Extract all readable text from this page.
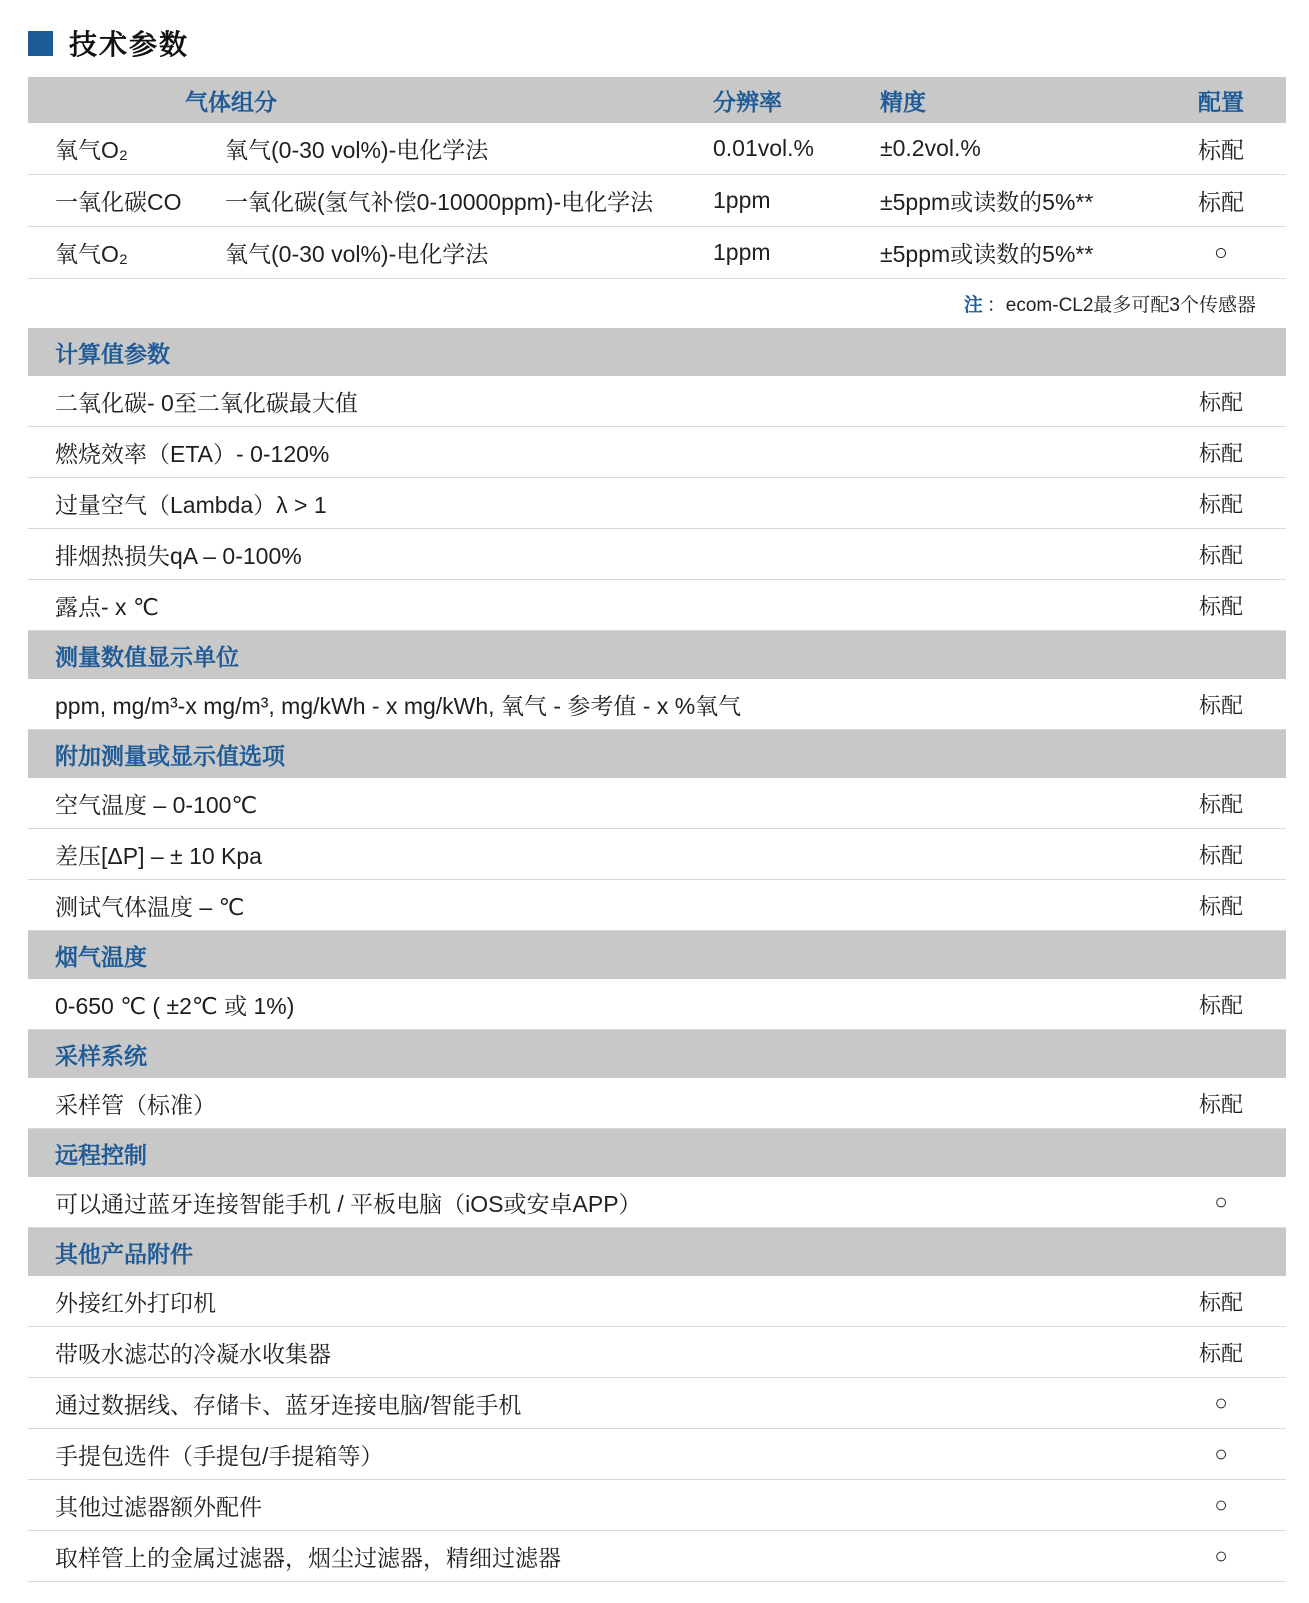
技术参数
气体组分	分辨率	精度	配置
氧气O₂	氧气(0-30 vol%)-电化学法	0.01vol.%	±0.2vol.%	标配
一氧化碳CO	一氧化碳(氢气补偿0-10000ppm)-电化学法	1ppm	±5ppm或读数的5%**	标配
氧气O₂	氧气(0-30 vol%)-电化学法	1ppm	±5ppm或读数的5%**	○
注 ：ecom-CL2最多可配3个传感器
计算值参数
二氧化碳- 0至二氧化碳最大值	标配
燃烧效率（ETA）- 0-120%	标配
过量空气（Lambda）λ > 1	标配
排烟热损失qA – 0-100%	标配
露点- x ℃	标配
测量数值显示单位
ppm, mg/m³-x mg/m³, mg/kWh - x mg/kWh, 氧气 - 参考值 - x %氧气	标配
附加测量或显示值选项
空气温度 – 0-100℃	标配
差压[ΔP] – ± 10 Kpa	标配
测试气体温度 – ℃	标配
烟气温度
0-650 ℃ ( ±2℃ 或 1%)	标配
采样系统
采样管（标准）	标配
远程控制
可以通过蓝牙连接智能手机 / 平板电脑（iOS或安卓APP）	○
其他产品附件
外接红外打印机	标配
带吸水滤芯的冷凝水收集器	标配
通过数据线、存储卡、蓝牙连接电脑/智能手机	○
手提包选件（手提包/手提箱等）	○
其他过滤器额外配件	○
取样管上的金属过滤器，烟尘过滤器，精细过滤器	○
